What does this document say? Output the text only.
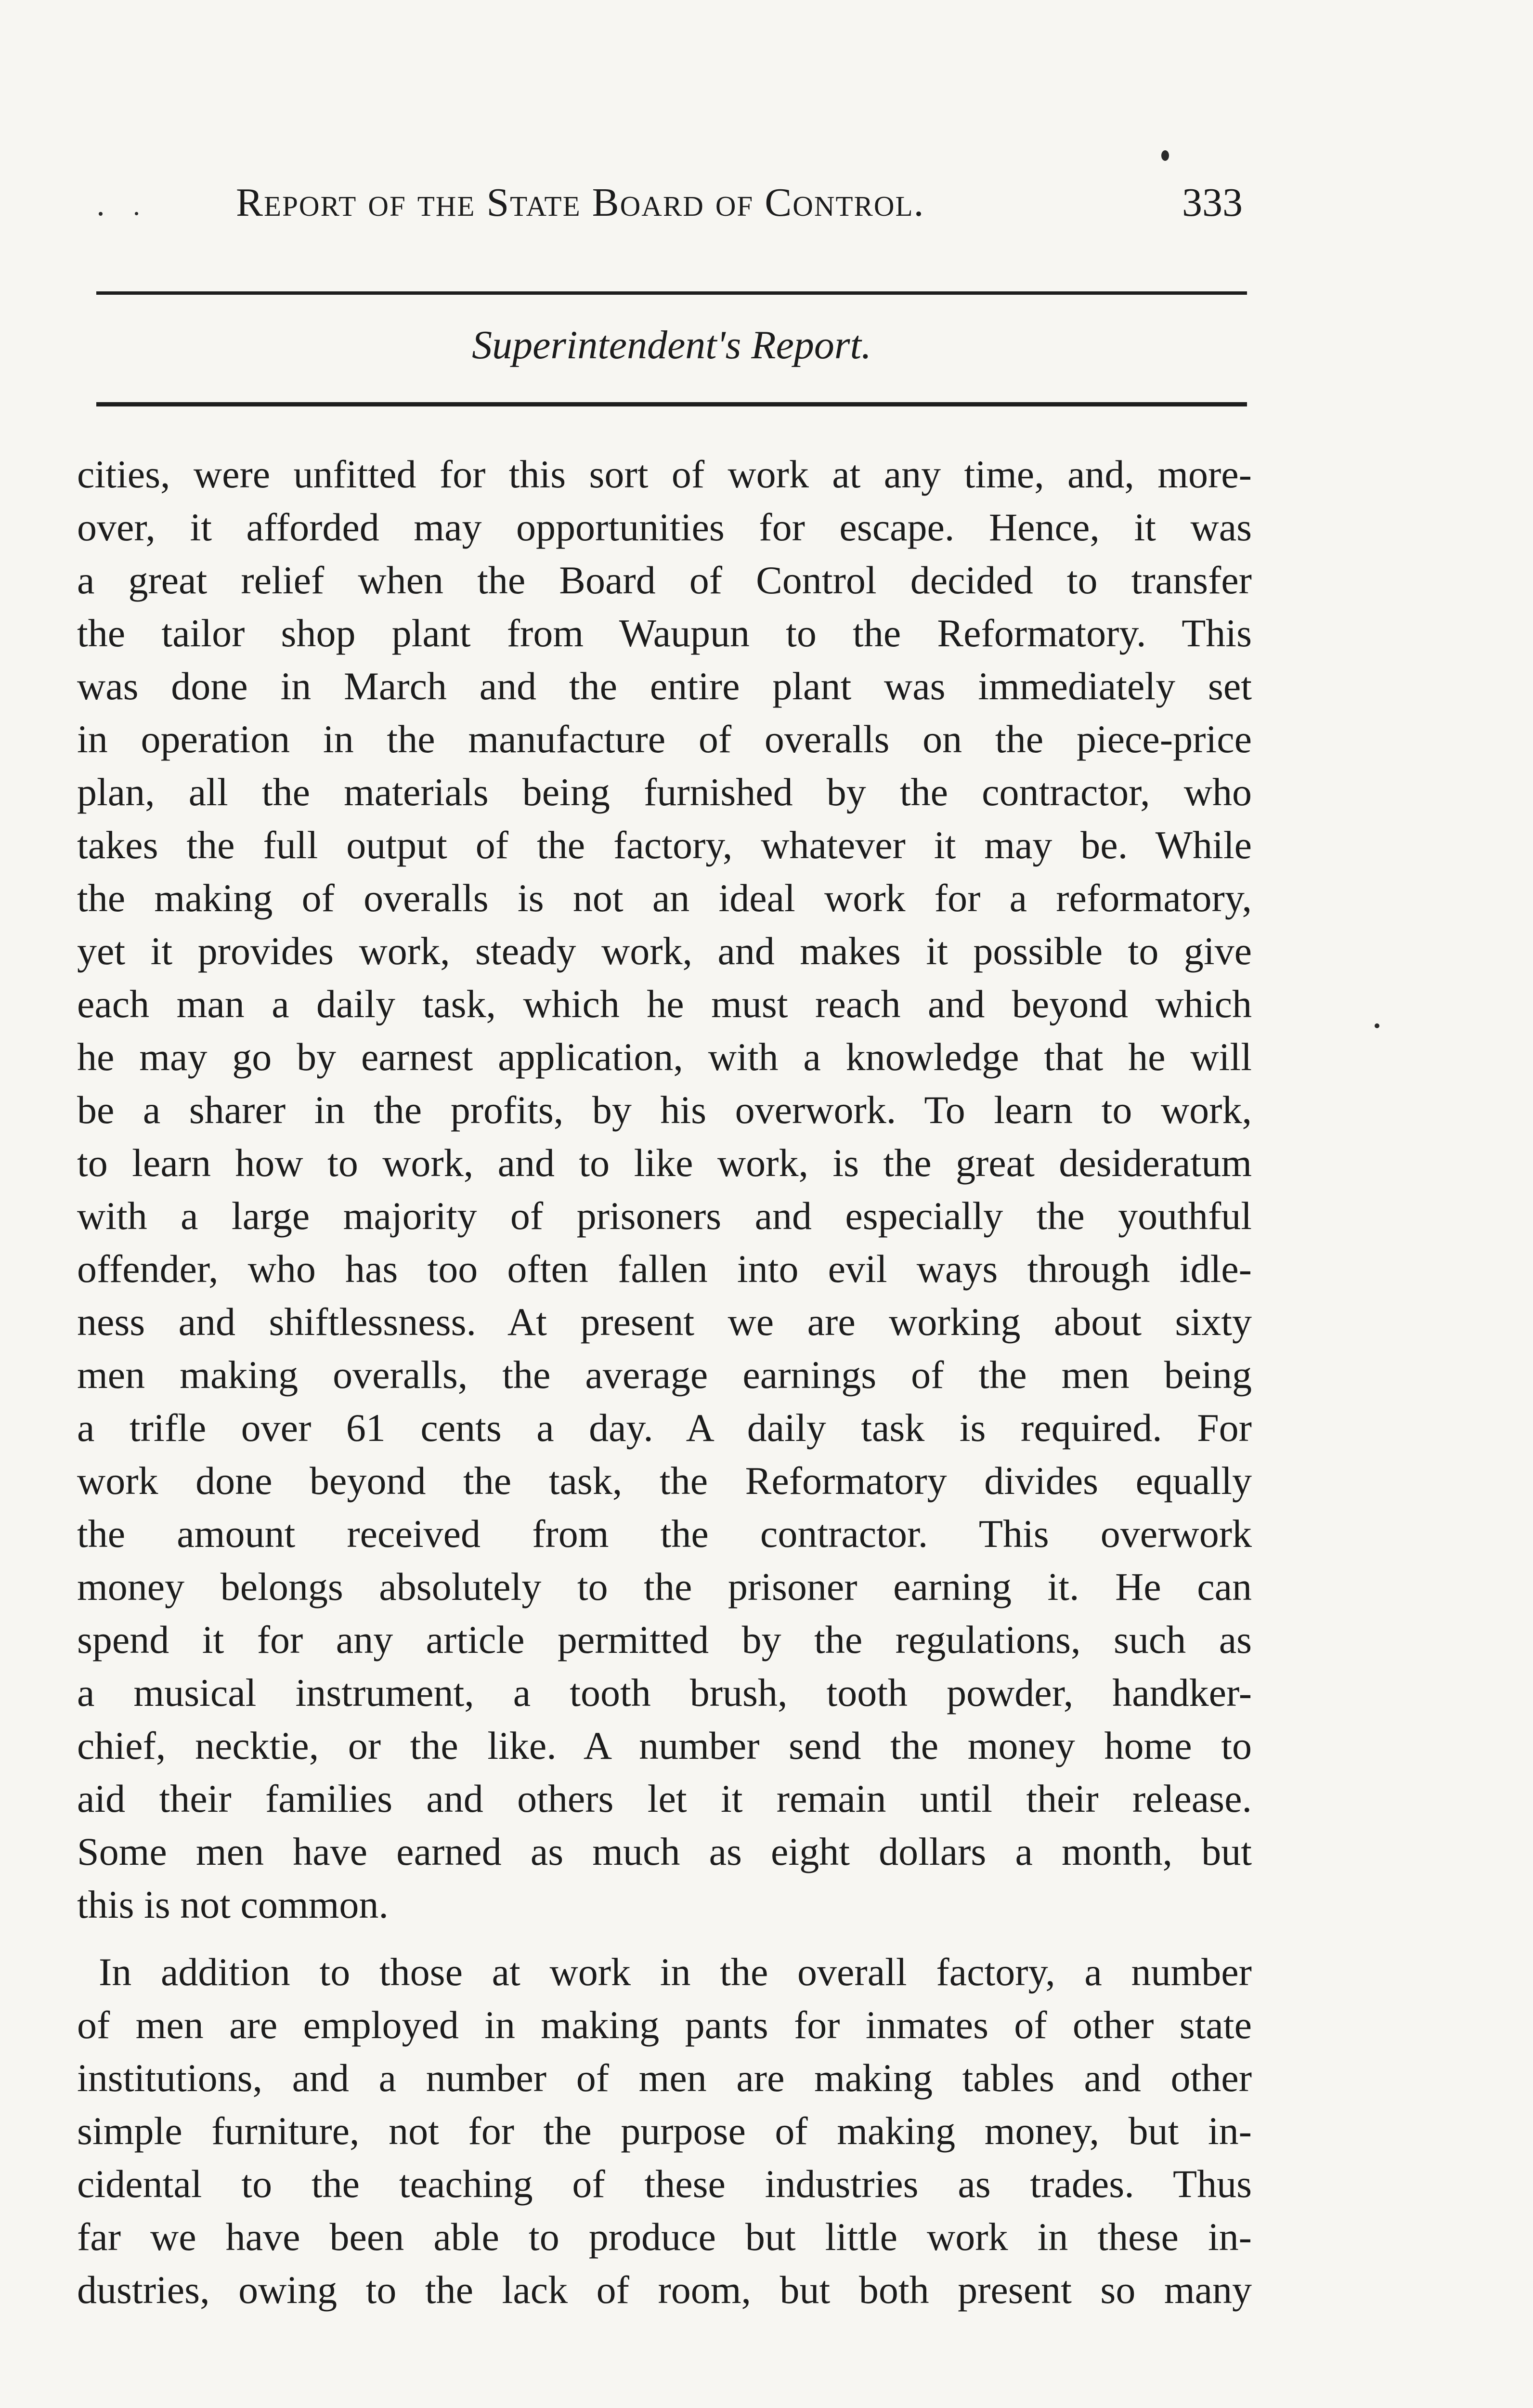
Report of the State Board of Control.	333
Superintendent's Report.
cities, were unfitted for this sort of work at any time, and, more-
over, it afforded may opportunities for escape. Hence, it was
a great relief when the Board of Control decided to transfer
the tailor shop plant from Waupun to the Reformatory. This
was done in March and the entire plant was immediately set
in operation in the manufacture of overalls on the piece-price
plan, all the materials being furnished by the contractor, who
takes the full output of the factory, whatever it may be. While
the making of overalls is not an ideal work for a reformatory,
yet it provides work, steady work, and makes it possible to give
each man a daily task, which he must reach and beyond which
he may go by earnest application, with a knowledge that he will
be a sharer in the profits, by his overwork. To learn to work,
to learn how to work, and to like work, is the great desideratum
with a large majority of prisoners and especially the youthful
offender, who has too often fallen into evil ways through idle-
ness and shiftlessness. At present we are working about sixty
men making overalls, the average earnings of the men being
a trifle over 61 cents a day. A daily task is required. For
work done beyond the task, the Reformatory divides equally
the amount received from the contractor. This overwork
money belongs absolutely to the prisoner earning it. He can
spend it for any article permitted by the regulations, such as
a musical instrument, a tooth brush, tooth powder, handker-
chief, necktie, or the like. A number send the money home to
aid their families and others let it remain until their release.
Some men have earned as much as eight dollars a month, but
this is not common.
In addition to those at work in the overall factory, a number
of men are employed in making pants for inmates of other state
institutions, and a number of men are making tables and other
simple furniture, not for the purpose of making money, but in-
cidental to the teaching of these industries as trades. Thus
far we have been able to produce but little work in these in-
dustries, owing to the lack of room, but both present so many
